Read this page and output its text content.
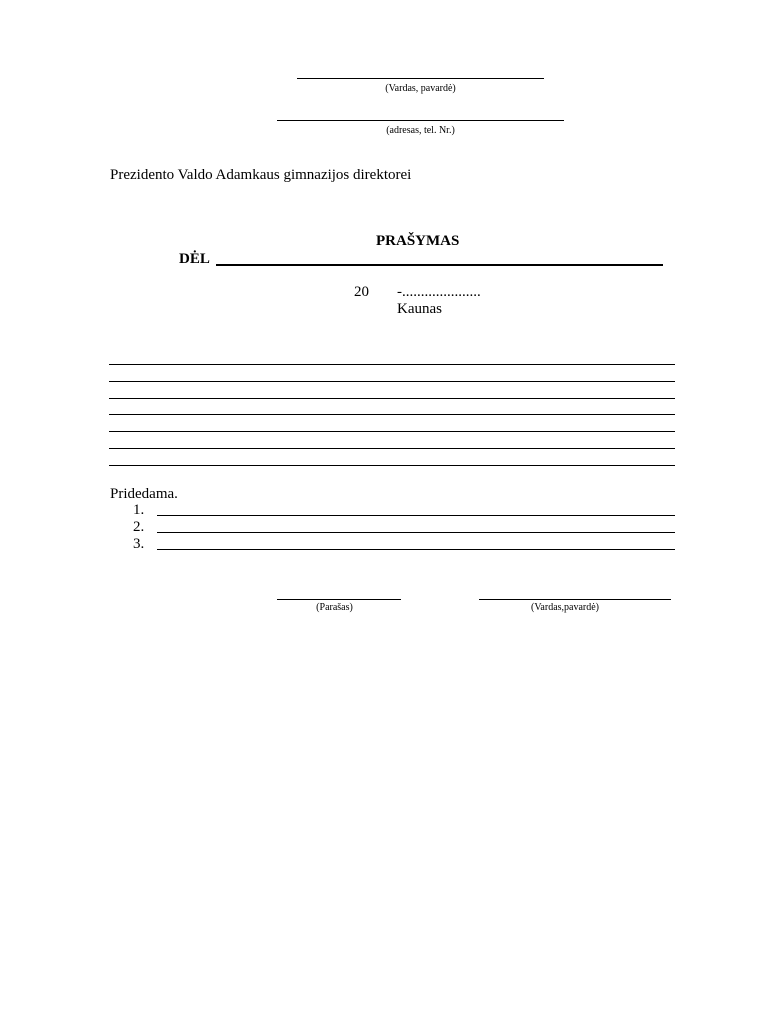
(Vardas, pavardė)
(adresas, tel. Nr.)
Prezidento Valdo Adamkaus gimnazijos direktorei
PRAŠYMAS
DĖL
20 -.....................
Kaunas
Pridedama.
1.
2.
3.
(Parašas)	(Vardas,pavardė)
